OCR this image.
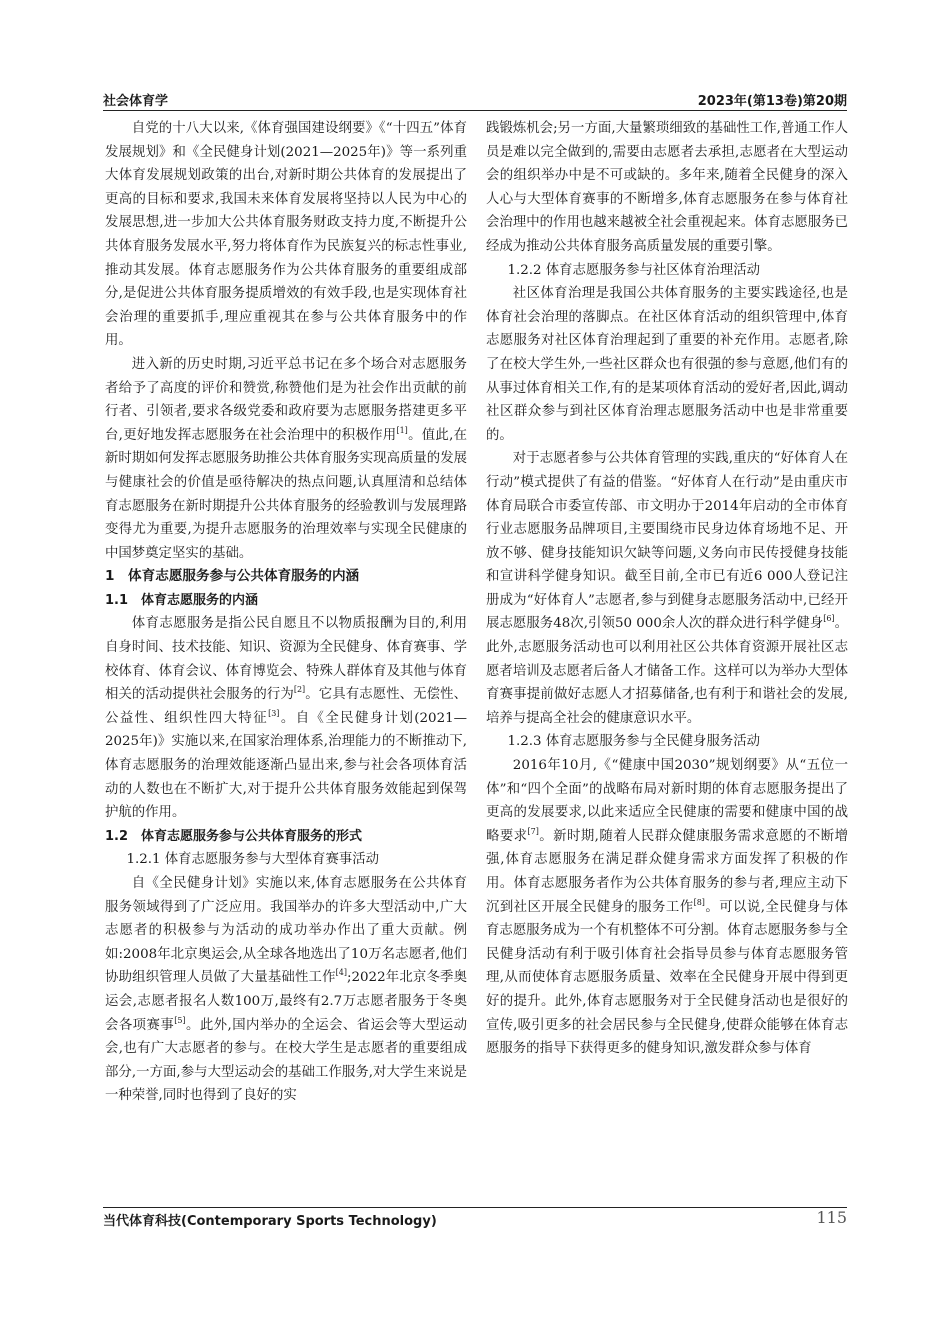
社会体育学	2023年(第13卷)第20期

自党的十八大以来,《体育强国建设纲要》《“十四五”体育发展规划》和《全民健身计划(2021—2025年)》等一系列重大体育发展规划政策的出台,对新时期公共体育的发展提出了更高的目标和要求,我国未来体育发展将坚持以人民为中心的发展思想,进一步加大公共体育服务财政支持力度,不断提升公共体育服务发展水平,努力将体育作为民族复兴的标志性事业,推动其发展。体育志愿服务作为公共体育服务的重要组成部分,是促进公共体育服务提质增效的有效手段,也是实现体育社会治理的重要抓手,理应重视其在参与公共体育服务中的作用。

进入新的历史时期,习近平总书记在多个场合对志愿服务者给予了高度的评价和赞赏,称赞他们是为社会作出贡献的前行者、引领者,要求各级党委和政府要为志愿服务搭建更多平台,更好地发挥志愿服务在社会治理中的积极作用[1]。值此,在新时期如何发挥志愿服务助推公共体育服务实现高质量的发展与健康社会的价值是亟待解决的热点问题,认真厘清和总结体育志愿服务在新时期提升公共体育服务的经验教训与发展理路变得尤为重要,为提升志愿服务的治理效率与实现全民健康的中国梦奠定坚实的基础。

1　体育志愿服务参与公共体育服务的内涵

1.1　体育志愿服务的内涵

体育志愿服务是指公民自愿且不以物质报酬为目的,利用自身时间、技术技能、知识、资源为全民健身、体育赛事、学校体育、体育会议、体育博览会、特殊人群体育及其他与体育相关的活动提供社会服务的行为[2]。它具有志愿性、无偿性、公益性、组织性四大特征[3]。自《全民健身计划(2021—2025年)》实施以来,在国家治理体系,治理能力的不断推动下,体育志愿服务的治理效能逐渐凸显出来,参与社会各项体育活动的人数也在不断扩大,对于提升公共体育服务效能起到保驾护航的作用。

1.2　体育志愿服务参与公共体育服务的形式

1.2.1 体育志愿服务参与大型体育赛事活动

自《全民健身计划》实施以来,体育志愿服务在公共体育服务领域得到了广泛应用。我国举办的许多大型活动中,广大志愿者的积极参与为活动的成功举办作出了重大贡献。例如:2008年北京奥运会,从全球各地选出了10万名志愿者,他们协助组织管理人员做了大量基础性工作[4];2022年北京冬季奥运会,志愿者报名人数100万,最终有2.7万志愿者服务于冬奥会各项赛事[5]。此外,国内举办的全运会、省运会等大型运动会,也有广大志愿者的参与。在校大学生是志愿者的重要组成部分,一方面,参与大型运动会的基础工作服务,对大学生来说是一种荣誉,同时也得到了良好的实

践锻炼机会;另一方面,大量繁琐细致的基础性工作,普通工作人员是难以完全做到的,需要由志愿者去承担,志愿者在大型运动会的组织举办中是不可或缺的。多年来,随着全民健身的深入人心与大型体育赛事的不断增多,体育志愿服务在参与体育社会治理中的作用也越来越被全社会重视起来。体育志愿服务已经成为推动公共体育服务高质量发展的重要引擎。

1.2.2 体育志愿服务参与社区体育治理活动

社区体育治理是我国公共体育服务的主要实践途径,也是体育社会治理的落脚点。在社区体育活动的组织管理中,体育志愿服务对社区体育治理起到了重要的补充作用。志愿者,除了在校大学生外,一些社区群众也有很强的参与意愿,他们有的从事过体育相关工作,有的是某项体育活动的爱好者,因此,调动社区群众参与到社区体育治理志愿服务活动中也是非常重要的。

对于志愿者参与公共体育管理的实践,重庆的“好体育人在行动”模式提供了有益的借鉴。“好体育人在行动”是由重庆市体育局联合市委宣传部、市文明办于2014年启动的全市体育行业志愿服务品牌项目,主要围绕市民身边体育场地不足、开放不够、健身技能知识欠缺等问题,义务向市民传授健身技能和宣讲科学健身知识。截至目前,全市已有近6 000人登记注册成为“好体育人”志愿者,参与到健身志愿服务活动中,已经开展志愿服务48次,引领50 000余人次的群众进行科学健身[6]。此外,志愿服务活动也可以利用社区公共体育资源开展社区志愿者培训及志愿者后备人才储备工作。这样可以为举办大型体育赛事提前做好志愿人才招募储备,也有利于和谐社会的发展,培养与提高全社会的健康意识水平。

1.2.3 体育志愿服务参与全民健身服务活动

2016年10月,《“健康中国2030”规划纲要》从“五位一体”和“四个全面”的战略布局对新时期的体育志愿服务提出了更高的发展要求,以此来适应全民健康的需要和健康中国的战略要求[7]。新时期,随着人民群众健康服务需求意愿的不断增强,体育志愿服务在满足群众健身需求方面发挥了积极的作用。体育志愿服务者作为公共体育服务的参与者,理应主动下沉到社区开展全民健身的服务工作[8]。可以说,全民健身与体育志愿服务成为一个有机整体不可分割。体育志愿服务参与全民健身活动有利于吸引体育社会指导员参与体育志愿服务管理,从而使体育志愿服务质量、效率在全民健身开展中得到更好的提升。此外,体育志愿服务对于全民健身活动也是很好的宣传,吸引更多的社会居民参与全民健身,使群众能够在体育志愿服务的指导下获得更多的健身知识,激发群众参与体育

当代体育科技(Contemporary Sports Technology)	115
